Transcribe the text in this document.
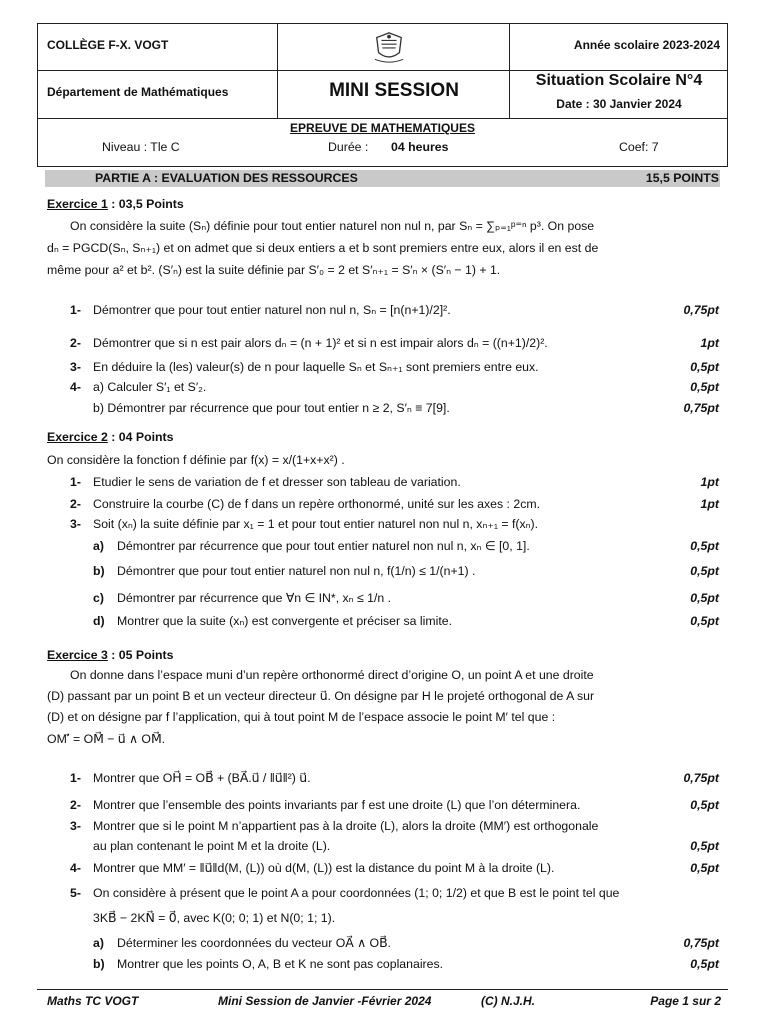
COLLÈGE F-X. VOGT	Année scolaire 2023-2024
Département de Mathématiques	MINI SESSION	Situation Scolaire N°4
Date : 30 Janvier 2024
EPREUVE DE MATHEMATIQUES
Niveau : Tle C	Durée : 04 heures	Coef: 7
PARTIE A : EVALUATION DES RESSOURCES	15,5 POINTS
Exercice 1 : 03,5 Points
On considère la suite (Sₙ) définie pour tout entier naturel non nul n, par Sₙ = ∑ₚ₌₁ᵖ⁼ⁿ p³. On pose
dₙ = PGCD(Sₙ, Sₙ₊₁) et on admet que si deux entiers a et b sont premiers entre eux, alors il en est de
même pour a² et b². (S′ₙ) est la suite définie par S′₀ = 2 et S′ₙ₊₁ = S′ₙ × (S′ₙ − 1) + 1.
1- Démontrer que pour tout entier naturel non nul n, Sₙ = [n(n+1)/2]².	0,75pt
2- Démontrer que si n est pair alors dₙ = (n + 1)² et si n est impair alors dₙ = ((n+1)/2)².	1pt
3- En déduire la (les) valeur(s) de n pour laquelle Sₙ et Sₙ₊₁ sont premiers entre eux.	0,5pt
4- a) Calculer S′₁ et S′₂.	0,5pt
b) Démontrer par récurrence que pour tout entier n ≥ 2, S′ₙ ≡ 7[9].	0,75pt
Exercice 2 : 04 Points
On considère la fonction f définie par f(x) = x/(1+x+x²) .
1- Etudier le sens de variation de f et dresser son tableau de variation.	1pt
2- Construire la courbe (C) de f dans un repère orthonormé, unité sur les axes : 2cm.	1pt
3- Soit (xₙ) la suite définie par x₁ = 1 et pour tout entier naturel non nul n, xₙ₊₁ = f(xₙ).
a) Démontrer par récurrence que pour tout entier naturel non nul n, xₙ ∈ [0, 1].	0,5pt
b) Démontrer que pour tout entier naturel non nul n, f(1/n) ≤ 1/(n+1) .	0,5pt
c) Démontrer par récurrence que ∀n ∈ IN*, xₙ ≤ 1/n .	0,5pt
d) Montrer que la suite (xₙ) est convergente et préciser sa limite.	0,5pt
Exercice 3 : 05 Points
On donne dans l’espace muni d’un repère orthonormé direct d’origine O, un point A et une droite
(D) passant par un point B et un vecteur directeur u⃗. On désigne par H le projeté orthogonal de A sur
(D) et on désigne par f l’application, qui à tout point M de l’espace associe le point M′ tel que :
OM′⃗ = OM⃗ − u⃗ ∧ OM⃗.
1- Montrer que OH⃗ = OB⃗ + (BA⃗.u⃗ / ‖u⃗‖²) u⃗.	0,75pt
2- Montrer que l’ensemble des points invariants par f est une droite (L) que l’on déterminera.	0,5pt
3- Montrer que si le point M n’appartient pas à la droite (L), alors la droite (MM′) est orthogonale
au plan contenant le point M et la droite (L).	0,5pt
4- Montrer que MM′ = ‖u⃗‖d(M, (L)) où d(M, (L)) est la distance du point M à la droite (L).	0,5pt
5- On considère à présent que le point A a pour coordonnées (1; 0; 1/2) et que B est le point tel que
3KB⃗ − 2KN⃗ = 0⃗, avec K(0; 0; 1) et N(0; 1; 1).
a) Déterminer les coordonnées du vecteur OA⃗ ∧ OB⃗.	0,75pt
b) Montrer que les points O, A, B et K ne sont pas coplanaires.	0,5pt
Maths TC VOGT	Mini Session de Janvier -Février 2024	(C) N.J.H.	Page 1 sur 2
